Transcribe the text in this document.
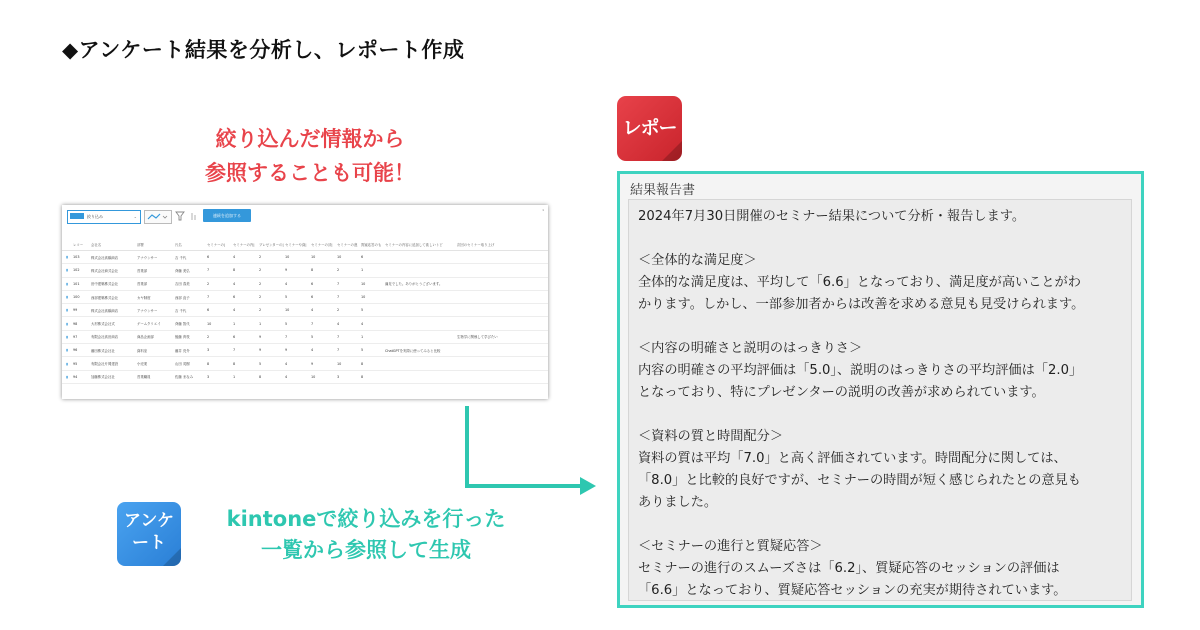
◆アンケート結果を分析し、レポート作成
絞り込んだ情報から
参照することも可能！
絞り込み	⌄	連続を追加する
1
	レコー	会社名	部署	氏名	セミナーの|	セミナーの内|	プレゼンターの|	セミナーや資|	セミナーの評|	セミナーの進	質疑応答のも	セミナーの内容に追加して欲しいトピ	次回のセミナー取り上げ
▮	103	株式会社高橋商店	アナウンサー	吉 千代	6	4	2	10	10	10	6		
▮	102	株式会社商式会社	営業部	斉藤 美弘	7	8	2	9	8	2	1		
▮	101	田中建築株式会社	営業部	吉田 春美	2	4	2	4	6	7	10	満足でした。ありがとうございます。	
▮	100	西部建築株式会社	カヤ制度	西部 直子	7	6	2	5	6	7	10		
▮	99	株式会社高橋商店	アナウンサー	吉 千代	6	4	2	10	4	2	5		
▮	98	大村株式会社式	ゲームクリエイ	斉藤 智代	10	1	1	5	7	4	4		
▮	97	有限会社高田商店	商品企画部	後藤 育枝	2	6	9	7	5	7	1		生物学に関係して学びたい
▮	96	藤田株式会社社	資料室	藤井 亮介	3	7	9	9	4	7	5	ChatGPTを実際に使ってみると比較	
▮	95	有限会社片岡建設	小売業	山田 英樹	8	8	5	4	9	10	8		
▮	94	加藤株式会社社	営業職員	佐藤 まなみ	3	1	8	4	10	3	8		
アンケ
ート
kintoneで絞り込みを行った
一覧から参照して生成
レポー
結果報告書
2024年7月30日開催のセミナー結果について分析・報告します。
＜全体的な満足度＞
全体的な満足度は、平均して「6.6」となっており、満足度が高いことがわ
かります。しかし、一部参加者からは改善を求める意見も見受けられます。
＜内容の明確さと説明のはっきりさ＞
内容の明確さの平均評価は「5.0」、説明のはっきりさの平均評価は「2.0」
となっており、特にプレゼンターの説明の改善が求められています。
＜資料の質と時間配分＞
資料の質は平均「7.0」と高く評価されています。時間配分に関しては、
「8.0」と比較的良好ですが、セミナーの時間が短く感じられたとの意見も
ありました。
＜セミナーの進行と質疑応答＞
セミナーの進行のスムーズさは「6.2」、質疑応答のセッションの評価は
「6.6」となっており、質疑応答セッションの充実が期待されています。
